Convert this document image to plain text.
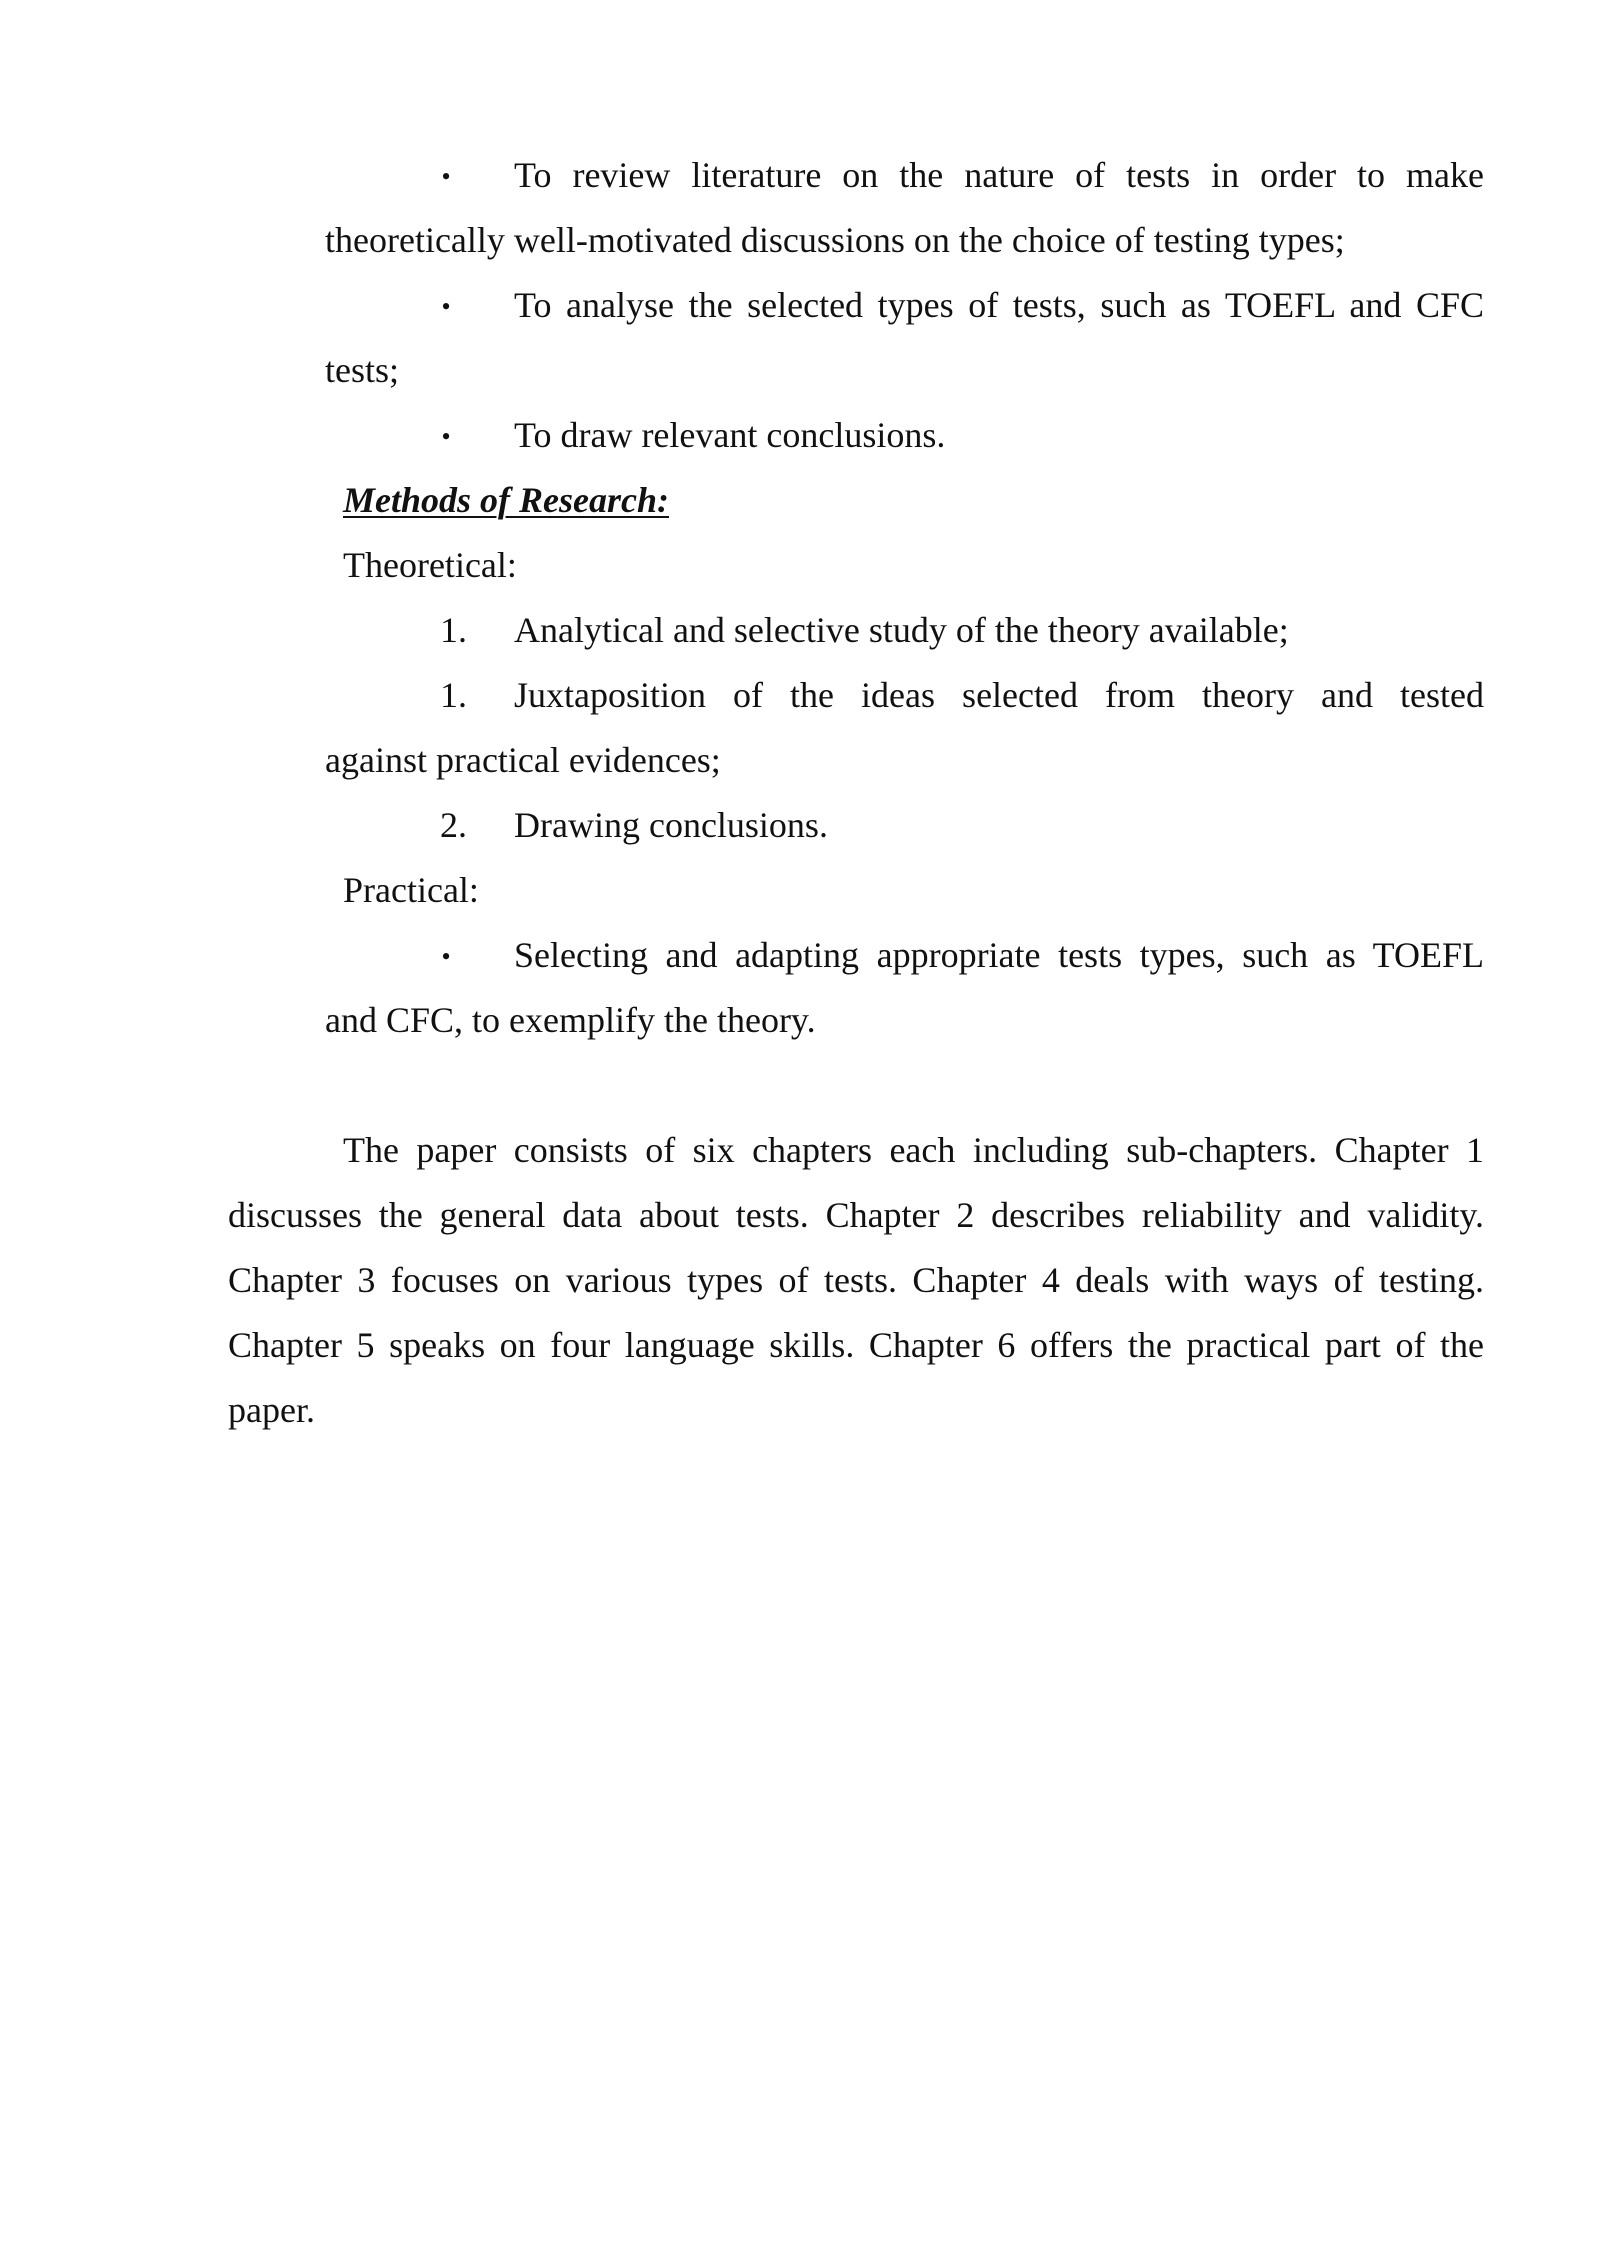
• To review literature on the nature of tests in order to make
theoretically well-motivated discussions on the choice of testing types;
• To analyse the selected types of tests, such as TOEFL and CFC
tests;
• To draw relevant conclusions.
Methods of Research:
Theoretical:
1. Analytical and selective study of the theory available;
1. Juxtaposition of the ideas selected from theory and tested
against practical evidences;
2. Drawing conclusions.
Practical:
• Selecting and adapting appropriate tests types, such as TOEFL
and CFC, to exemplify the theory.
The paper consists of six chapters each including sub-chapters. Chapter 1
discusses the general data about tests. Chapter 2 describes reliability and validity.
Chapter 3 focuses on various types of tests. Chapter 4 deals with ways of testing.
Chapter 5 speaks on four language skills. Chapter 6 offers the practical part of the
paper.
